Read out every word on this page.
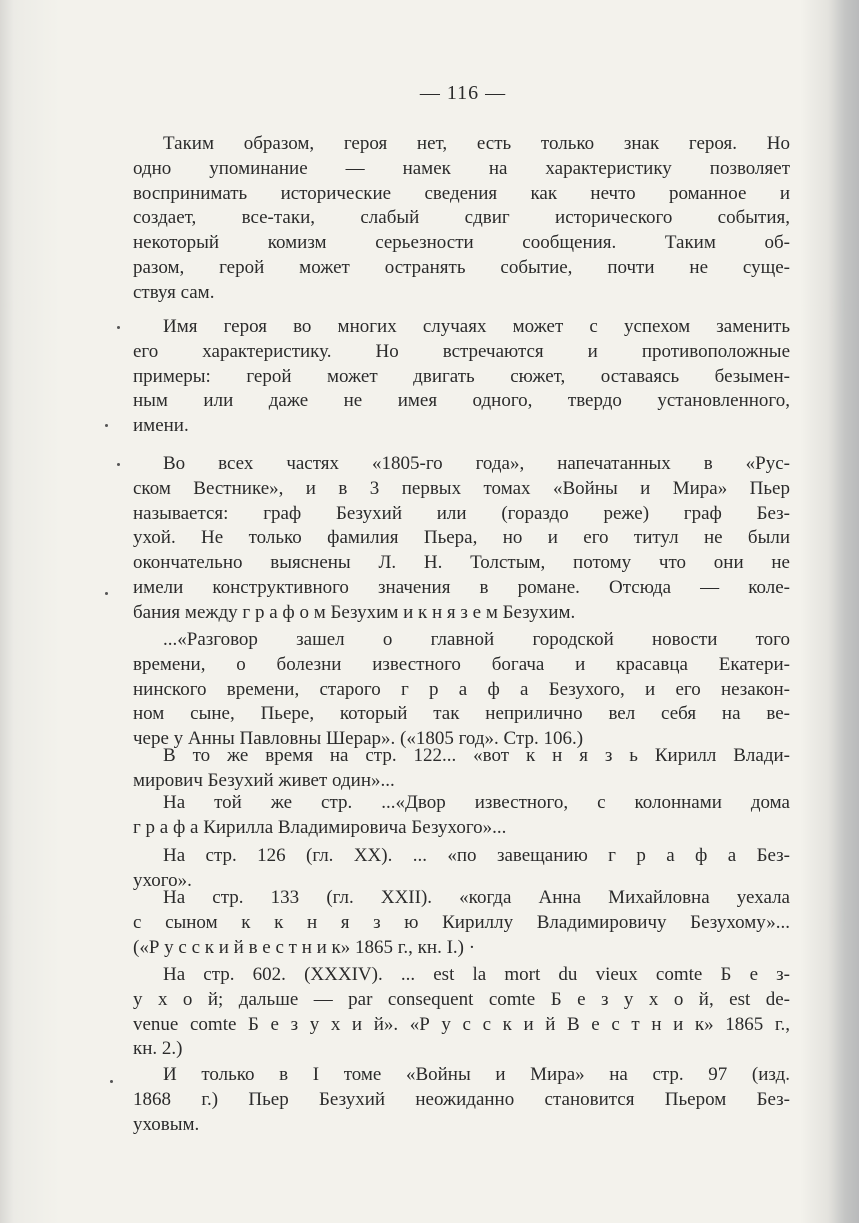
— 116 —
Таким образом, героя нет, есть только знак героя. Но
одно упоминание — намек на характеристику позволяет
воспринимать исторические сведения как нечто романное и
создает, все-таки, слабый сдвиг исторического события,
некоторый комизм серьезности сообщения. Таким об-
разом, герой может остранять событие, почти не суще-
ствуя сам.
Имя героя во многих случаях может с успехом заменить
его характеристику. Но встречаются и противоположные
примеры: герой может двигать сюжет, оставаясь безымен-
ным или даже не имея одного, твердо установленного,
имени.
Во всех частях «1805-го года», напечатанных в «Рус-
ском Вестнике», и в 3 первых томах «Войны и Мира» Пьер
называется: граф Безухий или (гораздо реже) граф Без-
ухой. Не только фамилия Пьера, но и его титул не были
окончательно выяснены Л. Н. Толстым, потому что они не
имели конструктивного значения в романе. Отсюда — коле-
бания между г р а ф о м Безухим и к н я з е м Безухим.
...«Разговор зашел о главной городской новости того
времени, о болезни известного богача и красавца Екатери-
нинского времени, старого г р а ф а Безухого, и его незакон-
ном сыне, Пьере, который так неприлично вел себя на ве-
чере у Анны Павловны Шерар». («1805 год». Стр. 106.)
В то же время на стр. 122... «вот к н я з ь Кирилл Влади-
мирович Безухий живет один»...
На той же стр. ...«Двор известного, с колоннами дома
г р а ф а Кирилла Владимировича Безухого»...
На стр. 126 (гл. XX). ... «по завещанию г р а ф а Без-
ухого».
На стр. 133 (гл. XXII). «когда Анна Михайловна уехала
с сыном к к н я з ю Кириллу Владимировичу Безухому»...
(«Р у с с к и й в е с т н и к» 1865 г., кн. I.) ·
На стр. 602. (XXXIV). ... est la mort du vieux comte Б е з-
у х о й; дальше — par consequent comte Б е з у х о й, est de-
venue comte Б е з у х и й». «Р у с с к и й В е с т н и к» 1865 г.,
кн. 2.)
И только в I томе «Войны и Мира» на стр. 97 (изд.
1868 г.) Пьер Безухий неожиданно становится Пьером Без-
уховым.
